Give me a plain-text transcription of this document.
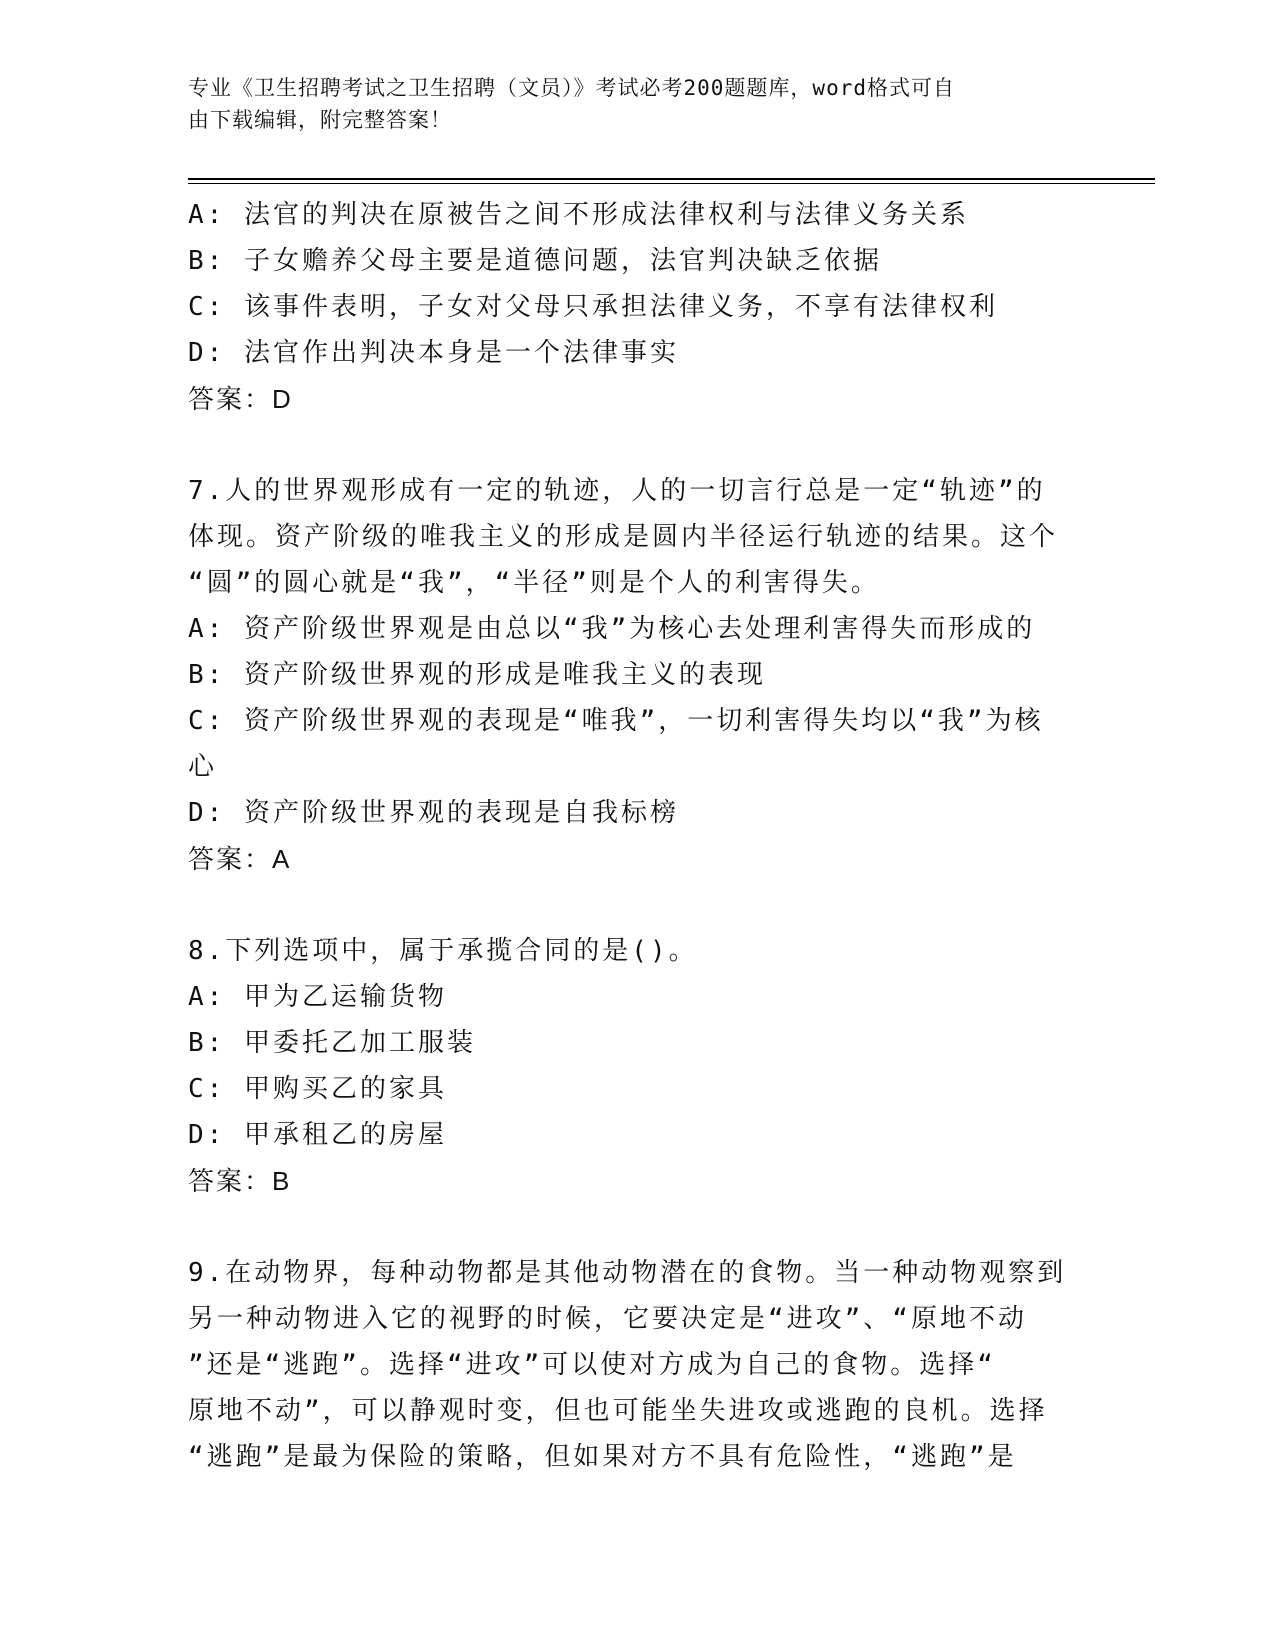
专业《卫生招聘考试之卫生招聘（文员）》考试必考200题题库，word格式可自
由下载编辑，附完整答案！
A: 法官的判决在原被告之间不形成法律权利与法律义务关系
B: 子女赡养父母主要是道德问题，法官判决缺乏依据
C: 该事件表明，子女对父母只承担法律义务，不享有法律权利
D: 法官作出判决本身是一个法律事实
答案：D
7.人的世界观形成有一定的轨迹，人的一切言行总是一定“轨迹”的
体现。资产阶级的唯我主义的形成是圆内半径运行轨迹的结果。这个
“圆”的圆心就是“我”，“半径”则是个人的利害得失。
A: 资产阶级世界观是由总以“我”为核心去处理利害得失而形成的
B: 资产阶级世界观的形成是唯我主义的表现
C: 资产阶级世界观的表现是“唯我”，一切利害得失均以“我”为核
心
D: 资产阶级世界观的表现是自我标榜
答案：A
8.下列选项中，属于承揽合同的是()。
A: 甲为乙运输货物
B: 甲委托乙加工服装
C: 甲购买乙的家具
D: 甲承租乙的房屋
答案：B
9.在动物界，每种动物都是其他动物潜在的食物。当一种动物观察到
另一种动物进入它的视野的时候，它要决定是“进攻”、“原地不动
”还是“逃跑”。选择“进攻”可以使对方成为自己的食物。选择“
原地不动”，可以静观时变，但也可能坐失进攻或逃跑的良机。选择
“逃跑”是最为保险的策略，但如果对方不具有危险性，“逃跑”是
